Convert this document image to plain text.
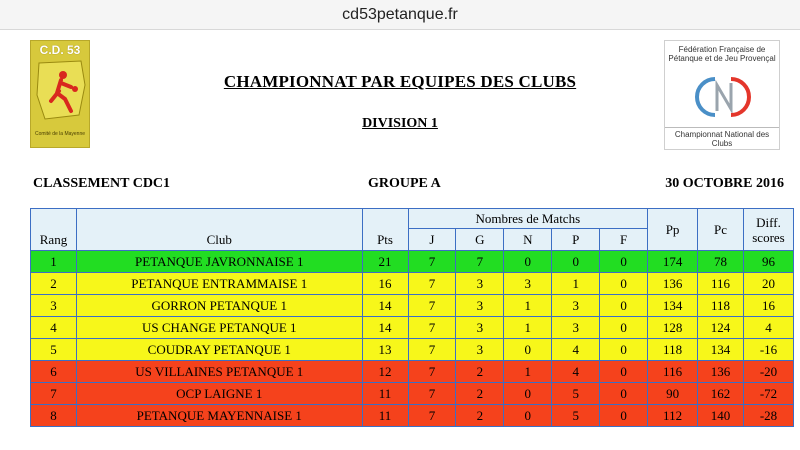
cd53petanque.fr
C.D. 53
Comité de la Mayenne
Fédération Française de Pétanque et de Jeu Provençal
Championnat National des Clubs
CHAMPIONNAT PAR EQUIPES DES CLUBS
DIVISION 1
CLASSEMENT CDC1	GROUPE A	30 OCTOBRE 2016
Rang	Club	Pts	Nombres de Matchs					Pp	Pc	Diff. scores
			J	G	N	P	F			
1	PETANQUE JAVRONNAISE 1	21	7	7	0	0	0	174	78	96
2	PETANQUE ENTRAMMAISE 1	16	7	3	3	1	0	136	116	20
3	GORRON PETANQUE 1	14	7	3	1	3	0	134	118	16
4	US CHANGE PETANQUE 1	14	7	3	1	3	0	128	124	4
5	COUDRAY PETANQUE 1	13	7	3	0	4	0	118	134	-16
6	US VILLAINES PETANQUE 1	12	7	2	1	4	0	116	136	-20
7	OCP LAIGNE 1	11	7	2	0	5	0	90	162	-72
8	PETANQUE MAYENNAISE 1	11	7	2	0	5	0	112	140	-28
